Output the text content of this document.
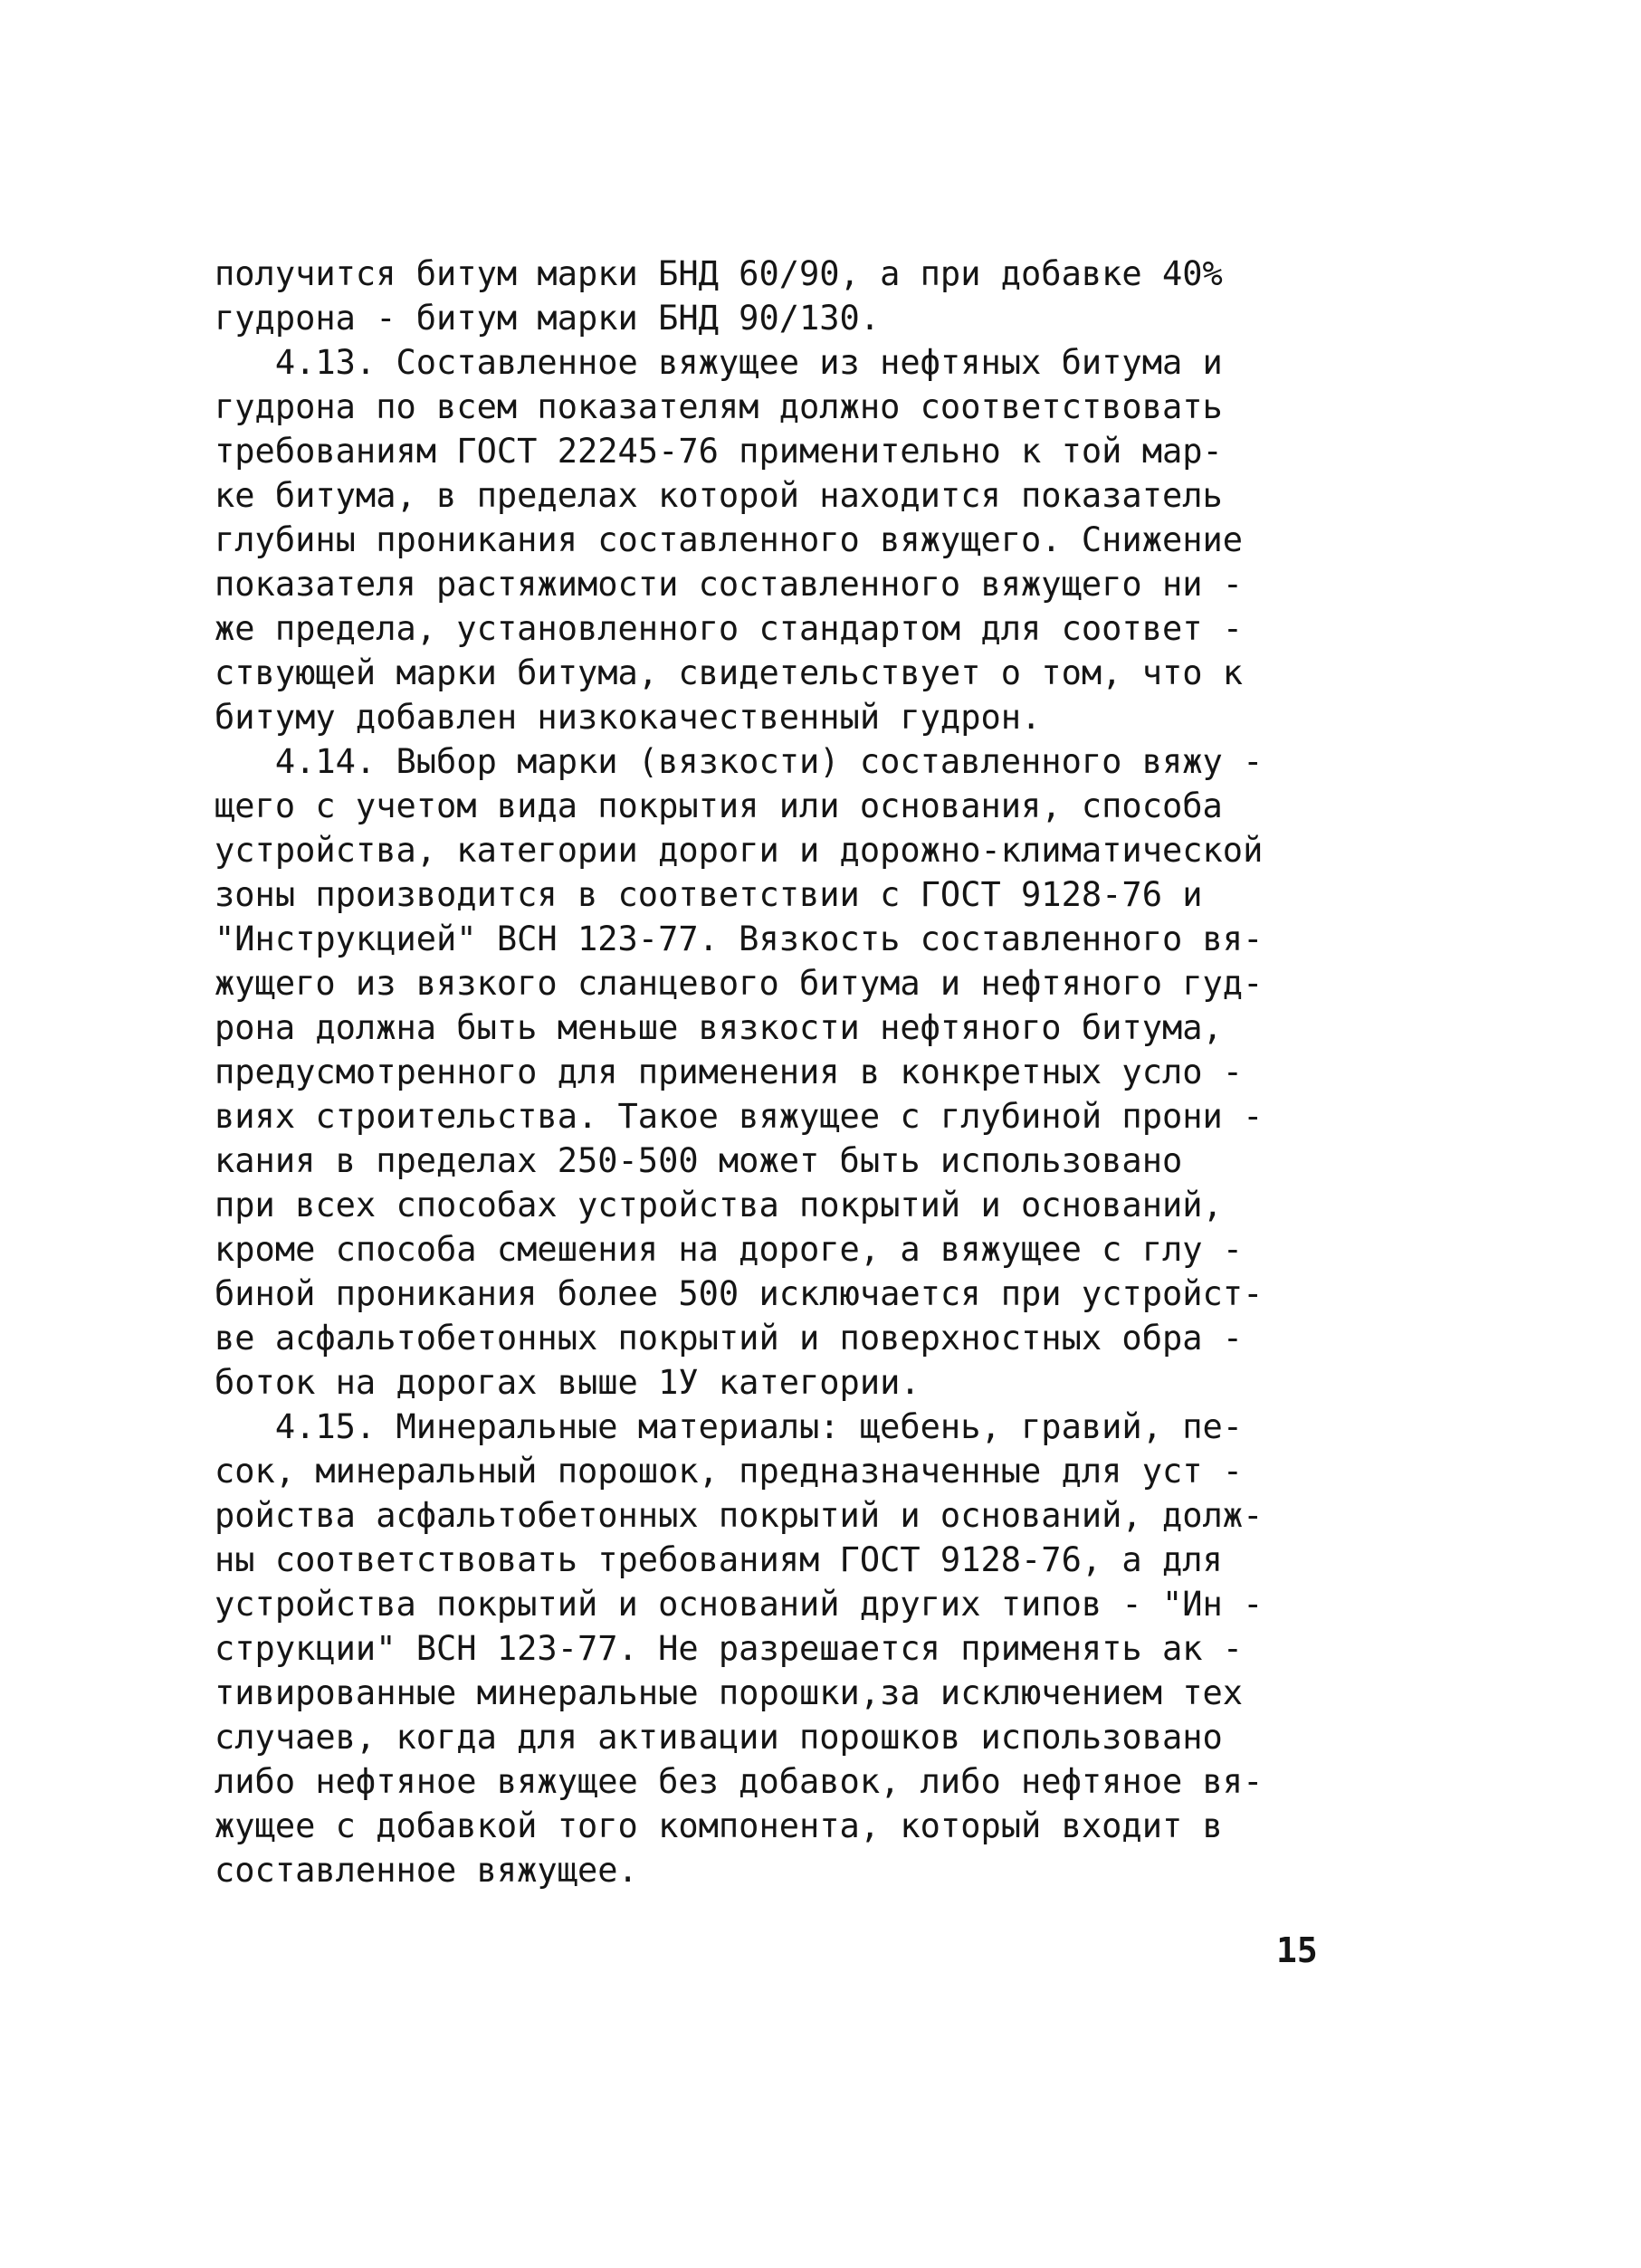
получится битум марки БНД 60/90, а при добавке 40%
гудрона - битум марки БНД 90/130.
4.13. Составленное вяжущее из нефтяных битума и
гудрона по всем показателям должно соответствовать
требованиям ГОСТ 22245-76 применительно к той мар-
ке битума, в пределах которой находится показатель
глубины проникания составленного вяжущего. Снижение
показателя растяжимости составленного вяжущего ни -
же предела, установленного стандартом для соответ -
ствующей марки битума, свидетельствует о том, что к
битуму добавлен низкокачественный гудрон.
4.14. Выбор марки (вязкости) составленного вяжу -
щего с учетом вида покрытия или основания, способа
устройства, категории дороги и дорожно-климатической
зоны производится в соответствии с ГОСТ 9128-76 и
"Инструкцией" ВСН 123-77. Вязкость составленного вя-
жущего из вязкого сланцевого битума и нефтяного гуд-
рона должна быть меньше вязкости нефтяного битума,
предусмотренного для применения в конкретных усло -
виях строительства. Такое вяжущее с глубиной прони -
кания в пределах 250-500 может быть использовано
при всех способах устройства покрытий и оснований,
кроме способа смешения на дороге, а вяжущее с глу -
биной проникания более 500 исключается при устройст-
ве асфальтобетонных покрытий и поверхностных обра -
боток на дорогах выше 1У категории.
4.15. Минеральные материалы: щебень, гравий, пе-
сок, минеральный порошок, предназначенные для уст -
ройства асфальтобетонных покрытий и оснований, долж-
ны соответствовать требованиям ГОСТ 9128-76, а для
устройства покрытий и оснований других типов - "Ин -
струкции" ВСН 123-77. Не разрешается применять ак -
тивированные минеральные порошки,за исключением тех
случаев, когда для активации порошков использовано
либо нефтяное вяжущее без добавок, либо нефтяное вя-
жущее с добавкой того компонента, который входит в
составленное вяжущее.
15
